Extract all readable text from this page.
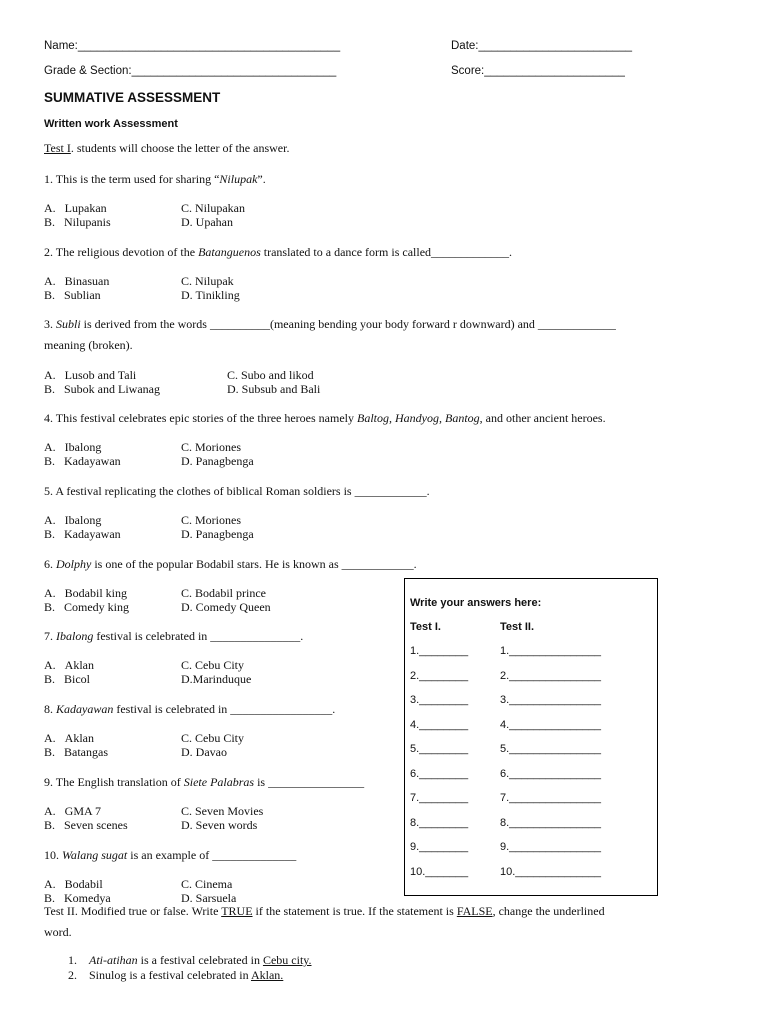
Name:_________________________________________	Date:________________________
Grade & Section:________________________________	Score:______________________
SUMMATIVE ASSESSMENT
Written work Assessment
Test I. students will choose the letter of the answer.
1. This is the term used for sharing “Nilupak”.
A.   Lupakan	C. Nilupakan
B.   Nilupanis	D. Upahan
2. The religious devotion of the Batanguenos translated to a dance form is called_____________.
A.   Binasuan	C. Nilupak
B.   Sublian	D. Tinikling
3. Subli is derived from the words __________(meaning bending your body forward r downward) and _____________
meaning (broken).
A.   Lusob and Tali	C. Subo and likod
B.   Subok and Liwanag	D. Subsub and Bali
4. This festival celebrates epic stories of the three heroes namely Baltog, Handyog, Bantog, and other ancient heroes.
A.   Ibalong	C. Moriones
B.   Kadayawan	D. Panagbenga
5. A festival replicating the clothes of biblical Roman soldiers is ____________.
A.   Ibalong	C. Moriones
B.   Kadayawan	D. Panagbenga
6. Dolphy is one of the popular Bodabil stars. He is known as ____________.
A.   Bodabil king	C. Bodabil prince
B.   Comedy king	D. Comedy Queen
7. Ibalong festival is celebrated in _______________.
A.   Aklan	C. Cebu City
B.   Bicol	D.Marinduque
8. Kadayawan festival is celebrated in _________________.
A.   Aklan	C. Cebu City
B.   Batangas	D. Davao
9. The English translation of Siete Palabras is ________________
A.   GMA 7	C. Seven Movies
B.   Seven scenes	D. Seven words
10. Walang sugat is an example of ______________
A.   Bodabil	C. Cinema
B.   Komedya	D. Sarsuela
Test II. Modified true or false. Write TRUE if the statement is true. If the statement is FALSE, change the underlined
word.
1. Ati-atihan is a festival celebrated in Cebu city.
2. Sinulog is a festival celebrated in Aklan.
Write your answers here:
Test I.	Test II.
1.________	1._______________
2.________	2._______________
3.________	3._______________
4.________	4._______________
5.________	5._______________
6.________	6._______________
7.________	7._______________
8.________	8._______________
9.________	9._______________
10._______	10.______________
